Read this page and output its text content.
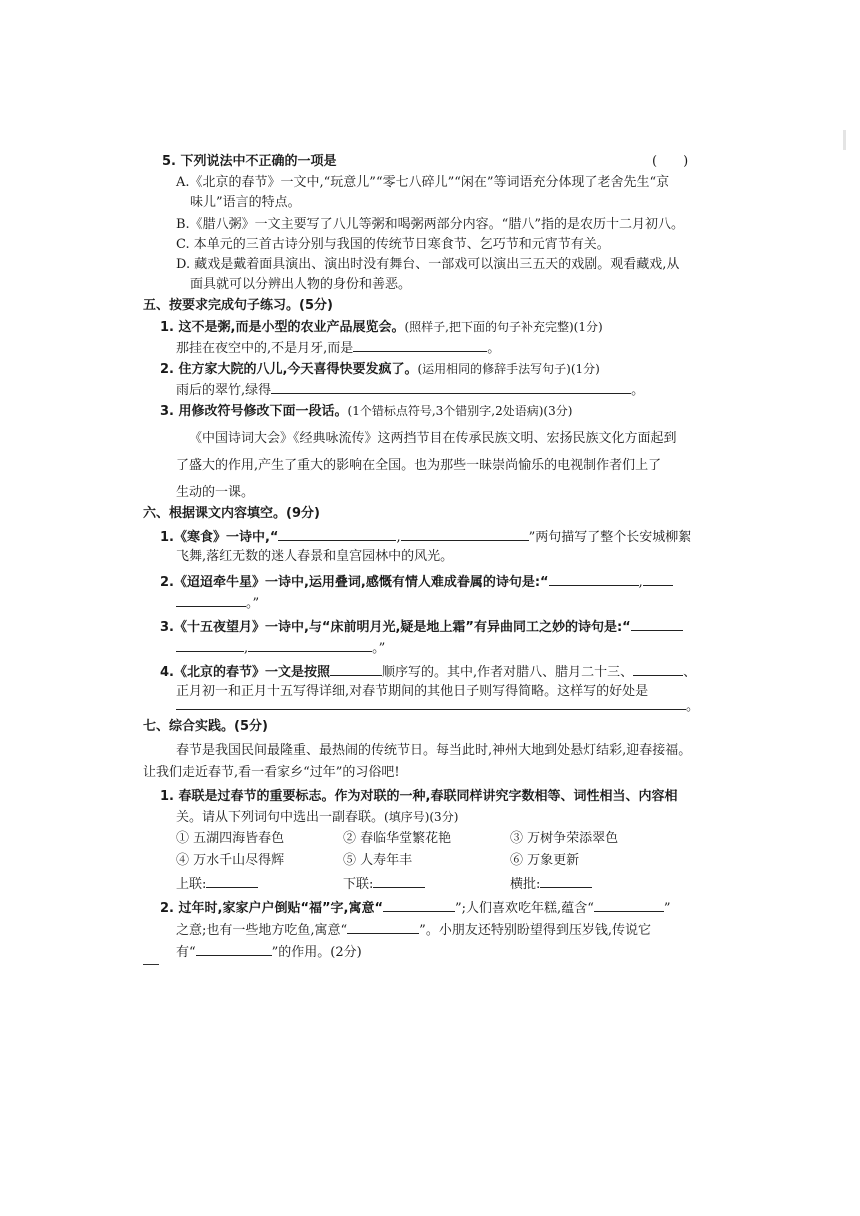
5. 下列说法中不正确的一项是	(　　)
A.《北京的春节》一文中,“玩意儿”“零七八碎儿”“闲在”等词语充分体现了老舍先生“京
味儿”语言的特点。
B.《腊八粥》一文主要写了八儿等粥和喝粥两部分内容。“腊八”指的是农历十二月初八。
C. 本单元的三首古诗分别与我国的传统节日寒食节、乞巧节和元宵节有关。
D. 藏戏是戴着面具演出、演出时没有舞台、一部戏可以演出三五天的戏剧。观看藏戏,从
面具就可以分辨出人物的身份和善恶。
五、按要求完成句子练习。(5分)
1. 这不是粥,而是小型的农业产品展览会。(照样子,把下面的句子补充完整)(1分)
那挂在夜空中的,不是月牙,而是	。
2. 住方家大院的八儿,今天喜得快要发疯了。(运用相同的修辞手法写句子)(1分)
雨后的翠竹,绿得	。
3. 用修改符号修改下面一段话。(1个错标点符号,3个错别字,2处语病)(3分)
《中国诗词大会》《经典咏流传》这两挡节目在传承民族文明、宏扬民族文化方面起到
了盛大的作用,产生了重大的影响在全国。也为那些一昧崇尚愉乐的电视制作者们上了
生动的一课。
六、根据课文内容填空。(9分)
1.《寒食》一诗中,“	,	”两句描写了整个长安城柳絮
飞舞,落红无数的迷人春景和皇宫园林中的风光。
2.《迢迢牵牛星》一诗中,运用叠词,感慨有情人难成眷属的诗句是:“	,
。”
3.《十五夜望月》一诗中,与“床前明月光,疑是地上霜”有异曲同工之妙的诗句是:“
,	。”
4.《北京的春节》一文是按照	顺序写的。其中,作者对腊八、腊月二十三、	、
正月初一和正月十五写得详细,对春节期间的其他日子则写得简略。这样写的好处是
。
七、综合实践。(5分)
春节是我国民间最隆重、最热闹的传统节日。每当此时,神州大地到处悬灯结彩,迎春接福。
让我们走近春节,看一看家乡“过年”的习俗吧!
1. 春联是过春节的重要标志。作为对联的一种,春联同样讲究字数相等、词性相当、内容相
关。请从下列词句中选出一副春联。(填序号)(3分)
① 五湖四海皆春色	② 春临华堂繁花艳	③ 万树争荣添翠色
④ 万水千山尽得辉	⑤ 人寿年丰	⑥ 万象更新
上联:	下联:	横批:
2. 过年时,家家户户倒贴“福”字,寓意“	”;人们喜欢吃年糕,蕴含“	”
之意;也有一些地方吃鱼,寓意“	”。小朋友还特别盼望得到压岁钱,传说它
有“	”的作用。(2分)
